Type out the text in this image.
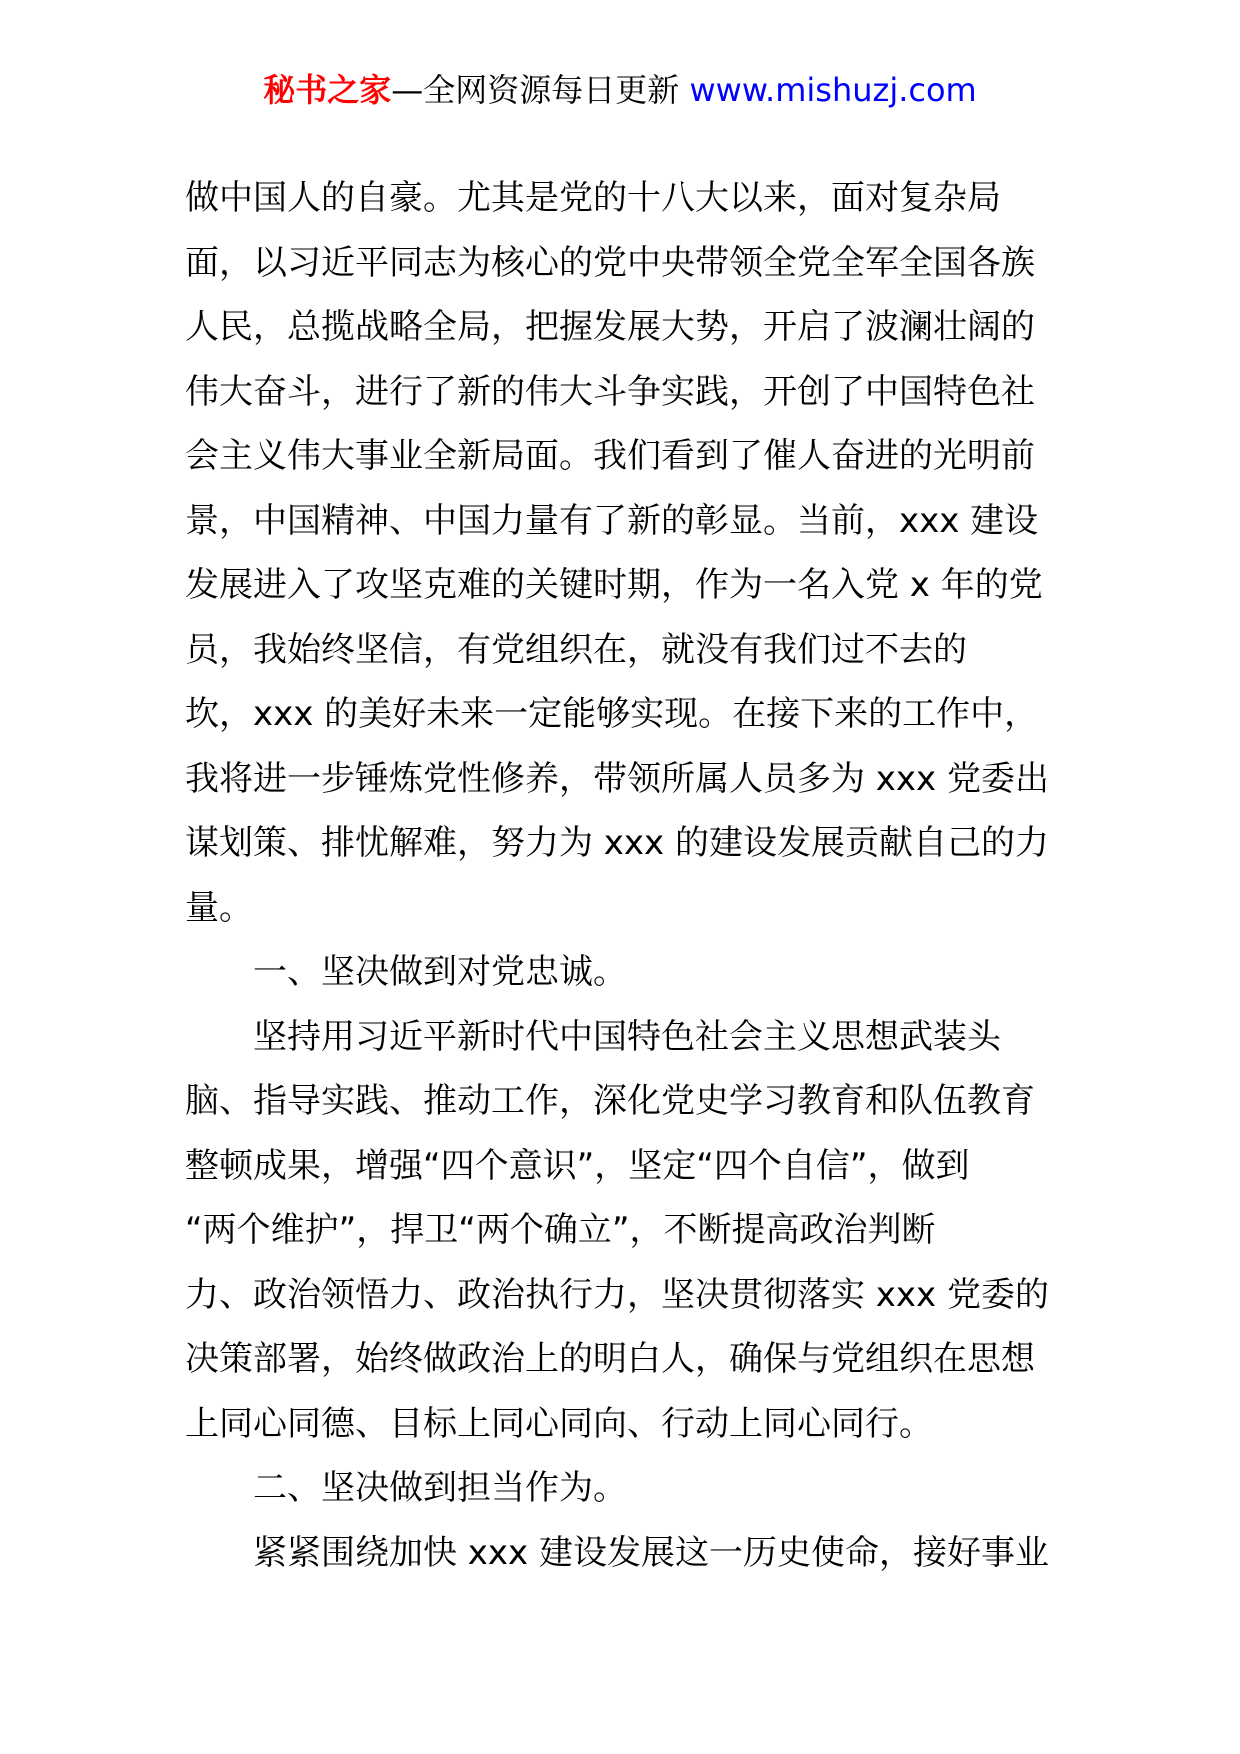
秘书之家—全网资源每日更新 www.mishuzj.com
做中国人的自豪。尤其是党的十八大以来，面对复杂局
面，以习近平同志为核心的党中央带领全党全军全国各族
人民，总揽战略全局，把握发展大势，开启了波澜壮阔的
伟大奋斗，进行了新的伟大斗争实践，开创了中国特色社
会主义伟大事业全新局面。我们看到了催人奋进的光明前
景，中国精神、中国力量有了新的彰显。当前，xxx 建设
发展进入了攻坚克难的关键时期，作为一名入党 x 年的党
员，我始终坚信，有党组织在，就没有我们过不去的
坎，xxx 的美好未来一定能够实现。在接下来的工作中，
我将进一步锤炼党性修养，带领所属人员多为 xxx 党委出
谋划策、排忧解难，努力为 xxx 的建设发展贡献自己的力
量。
一、坚决做到对党忠诚。
坚持用习近平新时代中国特色社会主义思想武装头
脑、指导实践、推动工作，深化党史学习教育和队伍教育
整顿成果，增强“四个意识”，坚定“四个自信”，做到
“两个维护”，捍卫“两个确立”，不断提高政治判断
力、政治领悟力、政治执行力，坚决贯彻落实 xxx 党委的
决策部署，始终做政治上的明白人，确保与党组织在思想
上同心同德、目标上同心同向、行动上同心同行。
二、坚决做到担当作为。
紧紧围绕加快 xxx 建设发展这一历史使命，接好事业
